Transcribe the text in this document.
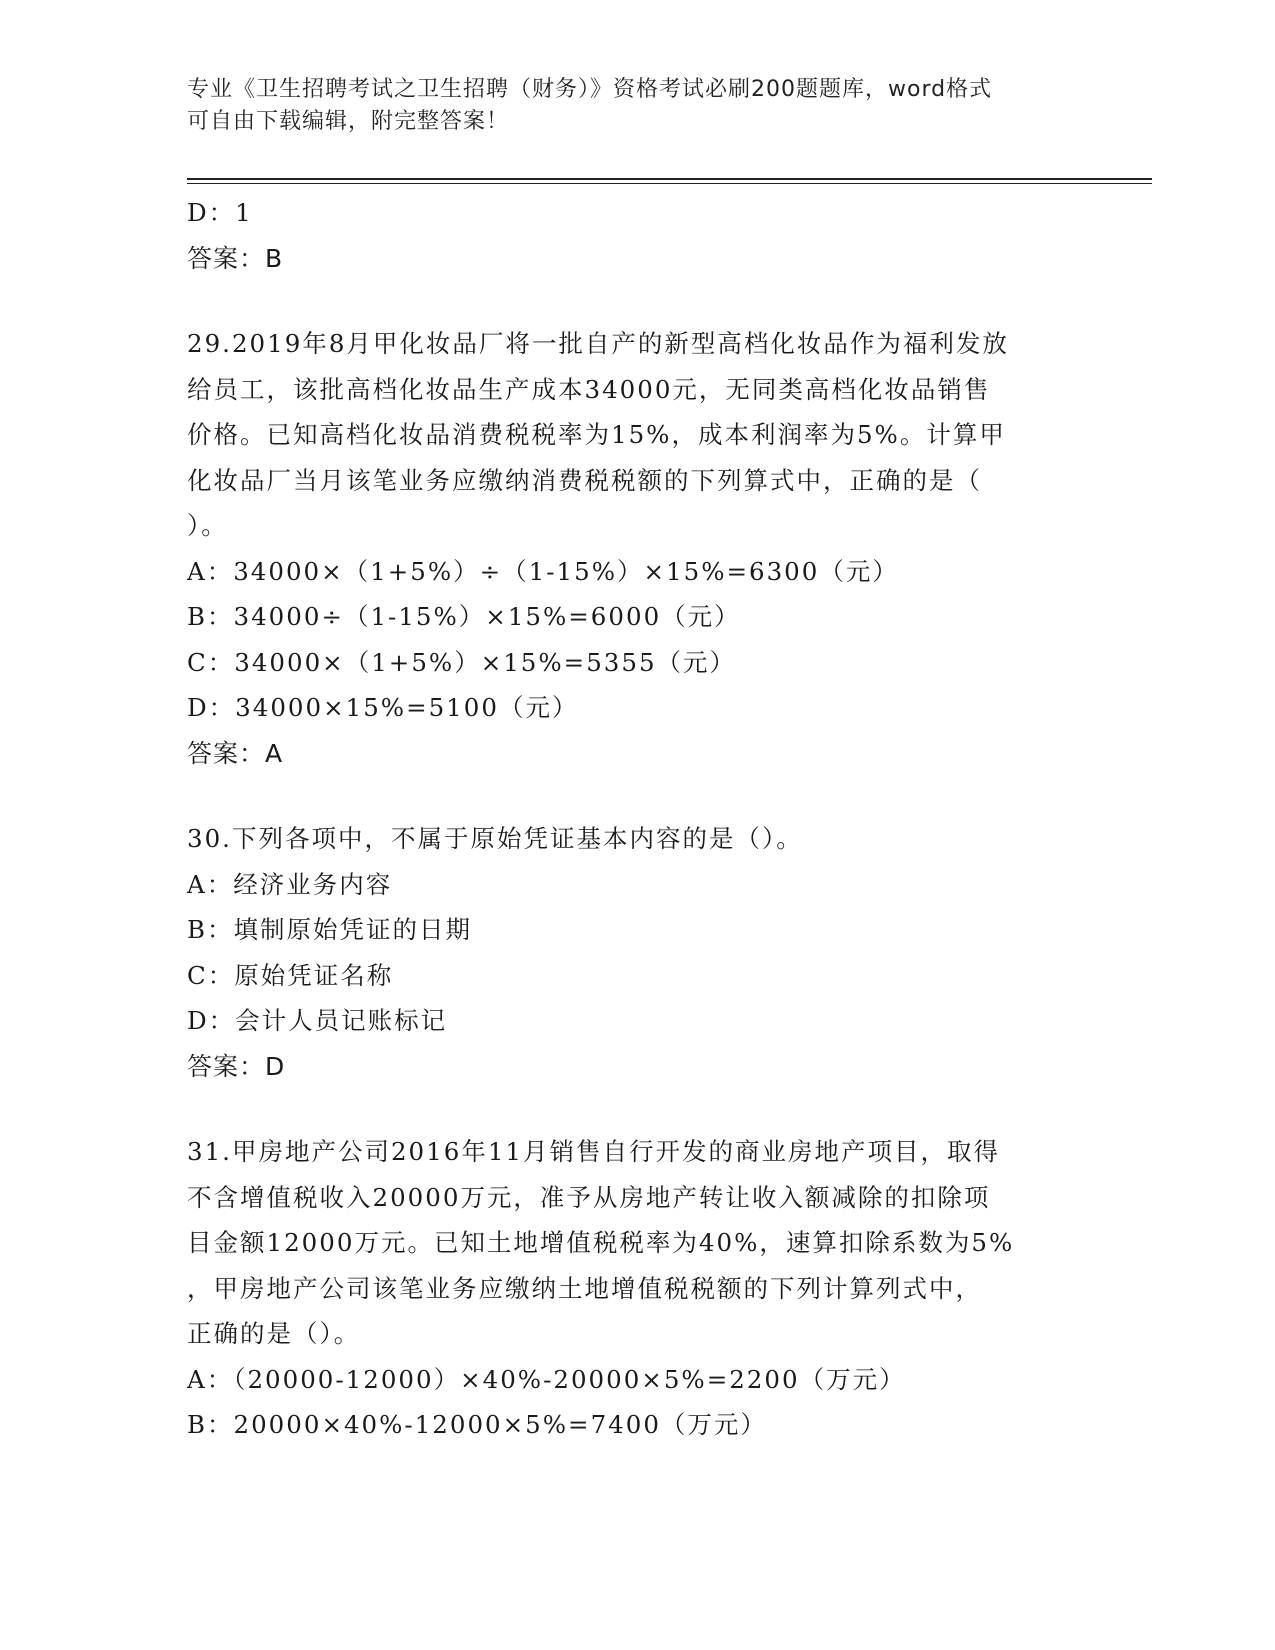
专业《卫生招聘考试之卫生招聘（财务）》资格考试必刷200题题库，word格式
可自由下载编辑，附完整答案！
D：1
答案：B
29.2019年8月甲化妆品厂将一批自产的新型高档化妆品作为福利发放
给员工，该批高档化妆品生产成本34000元，无同类高档化妆品销售
价格。已知高档化妆品消费税税率为15%，成本利润率为5%。计算甲
化妆品厂当月该笔业务应缴纳消费税税额的下列算式中，正确的是（
）。
A：34000×（1+5%）÷（1-15%）×15%=6300（元）
B：34000÷（1-15%）×15%=6000（元）
C：34000×（1+5%）×15%=5355（元）
D：34000×15%=5100（元）
答案：A
30.下列各项中，不属于原始凭证基本内容的是（）。
A：经济业务内容
B：填制原始凭证的日期
C：原始凭证名称
D：会计人员记账标记
答案：D
31.甲房地产公司2016年11月销售自行开发的商业房地产项目，取得
不含增值税收入20000万元，准予从房地产转让收入额减除的扣除项
目金额12000万元。已知土地增值税税率为40%，速算扣除系数为5%
，甲房地产公司该笔业务应缴纳土地增值税税额的下列计算列式中，
正确的是（）。
A：（20000-12000）×40%-20000×5%=2200（万元）
B：20000×40%-12000×5%=7400（万元）
